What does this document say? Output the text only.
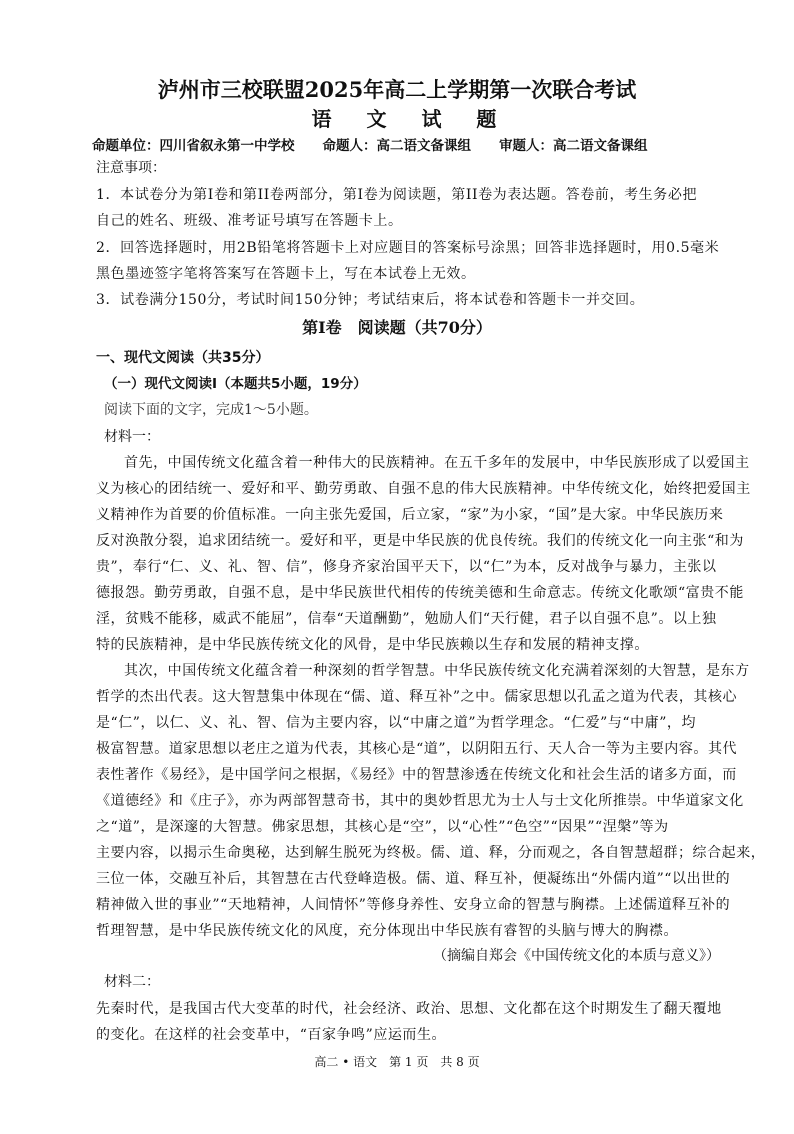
泸州市三校联盟2025年高二上学期第一次联合考试
语 文 试 题
命题单位：四川省叙永第一中学校 命题人：高二语文备课组 审题人：高二语文备课组
注意事项：
1．本试卷分为第I卷和第II卷两部分，第I卷为阅读题，第II卷为表达题。答卷前，考生务必把
自己的姓名、班级、准考证号填写在答题卡上。
2．回答选择题时，用2B铅笔将答题卡上对应题目的答案标号涂黑；回答非选择题时，用0.5毫米
黑色墨迹签字笔将答案写在答题卡上，写在本试卷上无效。
3．试卷满分150分，考试时间150分钟；考试结束后，将本试卷和答题卡一并交回。
第I卷　阅读题（共70分）
一、现代文阅读（共35分）
（一）现代文阅读I（本题共5小题，19分）
阅读下面的文字，完成1～5小题。
材料一：
首先，中国传统文化蕴含着一种伟大的民族精神。在五千多年的发展中，中华民族形成了以爱国主
义为核心的团结统一、爱好和平、勤劳勇敢、自强不息的伟大民族精神。中华传统文化，始终把爱国主
义精神作为首要的价值标准。一向主张先爱国，后立家，“家”为小家，“国”是大家。中华民族历来
反对涣散分裂，追求团结统一。爱好和平，更是中华民族的优良传统。我们的传统文化一向主张“和为
贵”，奉行“仁、义、礼、智、信”，修身齐家治国平天下，以“仁”为本，反对战争与暴力，主张以
德报怨。勤劳勇敢，自强不息，是中华民族世代相传的传统美德和生命意志。传统文化歌颂“富贵不能
淫，贫贱不能移，威武不能屈”，信奉“天道酬勤”，勉励人们“天行健，君子以自强不息”。以上独
特的民族精神，是中华民族传统文化的风骨，是中华民族赖以生存和发展的精神支撑。
其次，中国传统文化蕴含着一种深刻的哲学智慧。中华民族传统文化充满着深刻的大智慧，是东方
哲学的杰出代表。这大智慧集中体现在“儒、道、释互补”之中。儒家思想以孔孟之道为代表，其核心
是“仁”，以仁、义、礼、智、信为主要内容，以“中庸之道”为哲学理念。“仁爱”与“中庸”，均
极富智慧。道家思想以老庄之道为代表，其核心是“道”，以阴阳五行、天人合一等为主要内容。其代
表性著作《易经》，是中国学问之根据，《易经》中的智慧渗透在传统文化和社会生活的诸多方面，而
《道德经》和《庄子》，亦为两部智慧奇书，其中的奥妙哲思尤为士人与士文化所推崇。中华道家文化
之“道”，是深邃的大智慧。佛家思想，其核心是“空”，以“心性”“色空”“因果”“涅槃”等为
主要内容，以揭示生命奥秘，达到解生脱死为终极。儒、道、释，分而观之，各自智慧超群；综合起来，
三位一体，交融互补后，其智慧在古代登峰造极。儒、道、释互补，便凝练出“外儒内道”“以出世的
精神做入世的事业”“天地精神，人间情怀”等修身养性、安身立命的智慧与胸襟。上述儒道释互补的
哲理智慧，是中华民族传统文化的风度，充分体现出中华民族有睿智的头脑与博大的胸襟。
（摘编自郑会《中国传统文化的本质与意义》）
材料二：
先秦时代，是我国古代大变革的时代，社会经济、政治、思想、文化都在这个时期发生了翻天覆地
的变化。在这样的社会变革中，“百家争鸣”应运而生。
高二 • 语文　第 1 页　共 8 页
